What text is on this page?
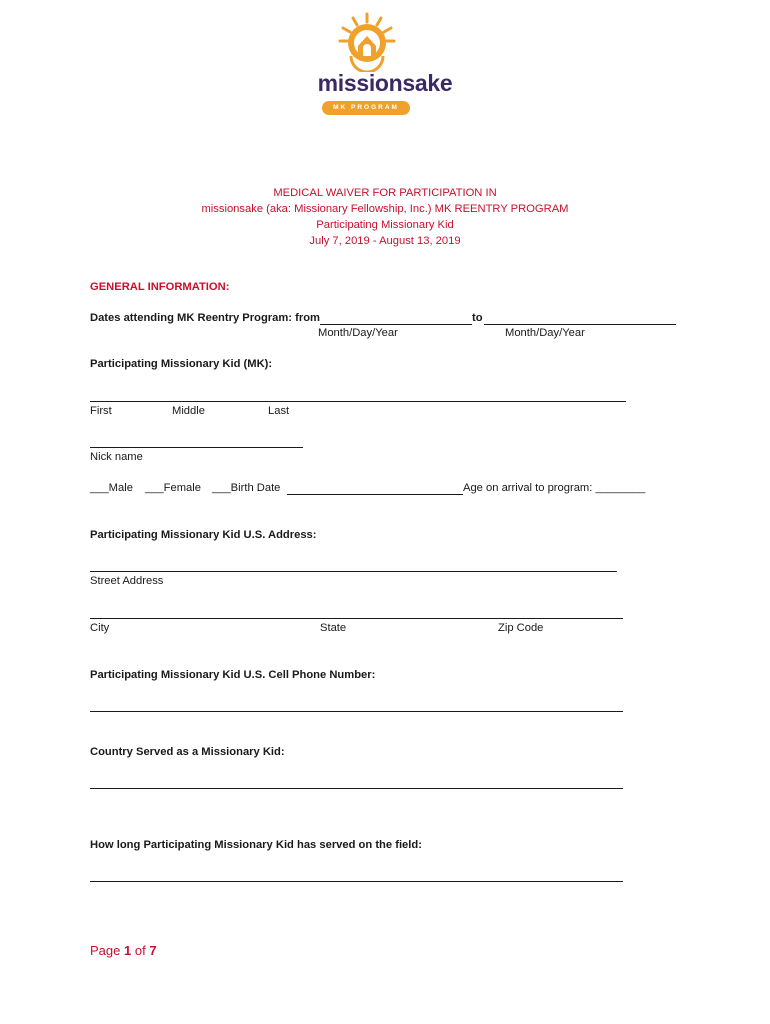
missionsake
MK PROGRAM
MEDICAL WAIVER FOR PARTICIPATION IN
missionsake (aka: Missionary Fellowship, Inc.) MK REENTRY PROGRAM
Participating Missionary Kid
July 7, 2019 - August 13, 2019
GENERAL INFORMATION:
Dates attending MK Reentry Program: from	to
Month/Day/Year	Month/Day/Year
Participating Missionary Kid (MK):
First	Middle	Last
Nick name
___Male ___Female ___Birth Date	Age on arrival to program: ________
Participating Missionary Kid U.S. Address:
Street Address
City	State	Zip Code
Participating Missionary Kid U.S. Cell Phone Number:
Country Served as a Missionary Kid:
How long Participating Missionary Kid has served on the field:
Page 1 of 7
